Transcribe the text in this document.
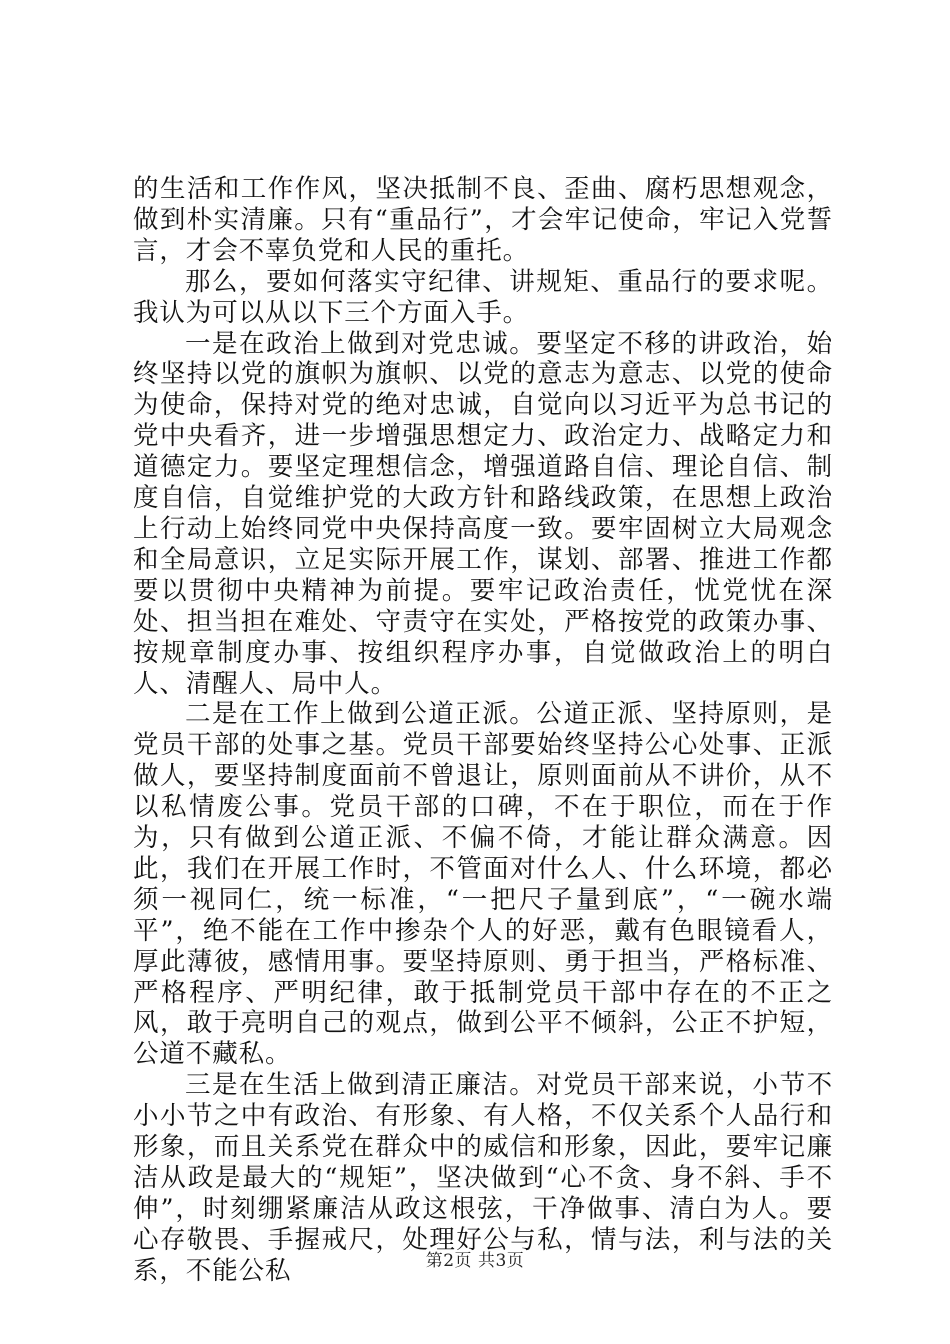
的生活和工作作风，坚决抵制不良、歪曲、腐朽思想观念，做到朴实清廉。只有“重品行”，才会牢记使命，牢记入党誓言，才会不辜负党和人民的重托。

那么，要如何落实守纪律、讲规矩、重品行的要求呢。我认为可以从以下三个方面入手。

一是在政治上做到对党忠诚。要坚定不移的讲政治，始终坚持以党的旗帜为旗帜、以党的意志为意志、以党的使命为使命，保持对党的绝对忠诚，自觉向以习近平为总书记的党中央看齐，进一步增强思想定力、政治定力、战略定力和道德定力。要坚定理想信念，增强道路自信、理论自信、制度自信，自觉维护党的大政方针和路线政策，在思想上政治上行动上始终同党中央保持高度一致。要牢固树立大局观念和全局意识，立足实际开展工作，谋划、部署、推进工作都要以贯彻中央精神为前提。要牢记政治责任，忧党忧在深处、担当担在难处、守责守在实处，严格按党的政策办事、按规章制度办事、按组织程序办事，自觉做政治上的明白人、清醒人、局中人。

二是在工作上做到公道正派。公道正派、坚持原则，是党员干部的处事之基。党员干部要始终坚持公心处事、正派做人，要坚持制度面前不曾退让，原则面前从不讲价，从不以私情废公事。党员干部的口碑，不在于职位，而在于作为，只有做到公道正派、不偏不倚，才能让群众满意。因此，我们在开展工作时，不管面对什么人、什么环境，都必须一视同仁，统一标准，“一把尺子量到底”，“一碗水端平”，绝不能在工作中掺杂个人的好恶，戴有色眼镜看人，厚此薄彼，感情用事。要坚持原则、勇于担当，严格标准、严格程序、严明纪律，敢于抵制党员干部中存在的不正之风，敢于亮明自己的观点，做到公平不倾斜，公正不护短，公道不藏私。

三是在生活上做到清正廉洁。对党员干部来说，小节不小小节之中有政治、有形象、有人格，不仅关系个人品行和形象，而且关系党在群众中的威信和形象，因此，要牢记廉洁从政是最大的“规矩”，坚决做到“心不贪、身不斜、手不伸”，时刻绷紧廉洁从政这根弦，干净做事、清白为人。要心存敬畏、手握戒尺，处理好公与私，情与法，利与法的关系，不能公私	第2页 共3页
